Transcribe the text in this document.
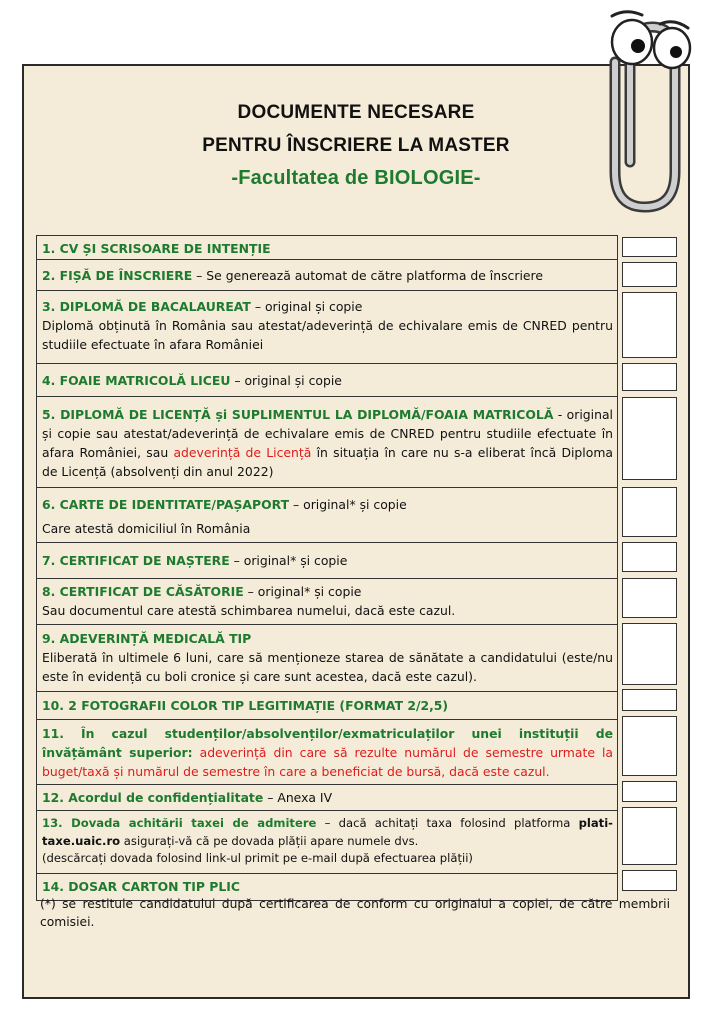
DOCUMENTE NECESARE
PENTRU ÎNSCRIERE LA MASTER
-Facultatea de BIOLOGIE-
1. CV ȘI SCRISOARE DE INTENȚIE
2. FIȘĂ DE ÎNSCRIERE – Se generează automat de către platforma de înscriere
3. DIPLOMĂ DE BACALAUREAT – original și copie
Diplomă obținută în România sau atestat/adeverință de echivalare emis de CNRED pentru studiile efectuate în afara României
4. FOAIE MATRICOLĂ LICEU – original și copie
5. DIPLOMĂ DE LICENȚĂ și SUPLIMENTUL LA DIPLOMĂ/FOAIA MATRICOLĂ - original și copie sau atestat/adeverință de echivalare emis de CNRED pentru studiile efectuate în afara României, sau adeverință de Licență în situația în care nu s-a eliberat încă Diploma de Licență (absolvenți din anul 2022)
6. CARTE DE IDENTITATE/PAȘAPORT – original* și copie
Care atestă domiciliul în România
7. CERTIFICAT DE NAȘTERE – original* și copie
8. CERTIFICAT DE CĂSĂTORIE – original* și copie
Sau documentul care atestă schimbarea numelui, dacă este cazul.
9. ADEVERINȚĂ MEDICALĂ TIP
Eliberată în ultimele 6 luni, care să menționeze starea de sănătate a candidatului (este/nu este în evidență cu boli cronice și care sunt acestea, dacă este cazul).
10. 2 FOTOGRAFII COLOR TIP LEGITIMAȚIE (FORMAT 2/2,5)
11. În cazul studenților/absolvenților/exmatriculaților unei instituții de învățământ superior: adeverință din care să rezulte numărul de semestre urmate la buget/taxă și numărul de semestre în care a beneficiat de bursă, dacă este cazul.
12. Acordul de confidențialitate – Anexa IV
13. Dovada achitării taxei de admitere – dacă achitați taxa folosind platforma plati-taxe.uaic.ro asigurați-vă că pe dovada plății apare numele dvs.
(descărcați dovada folosind link-ul primit pe e-mail după efectuarea plății)
14. DOSAR CARTON TIP PLIC
(*) se restituie candidatului după certificarea de conform cu originalul a copiei, de către membrii comisiei.
